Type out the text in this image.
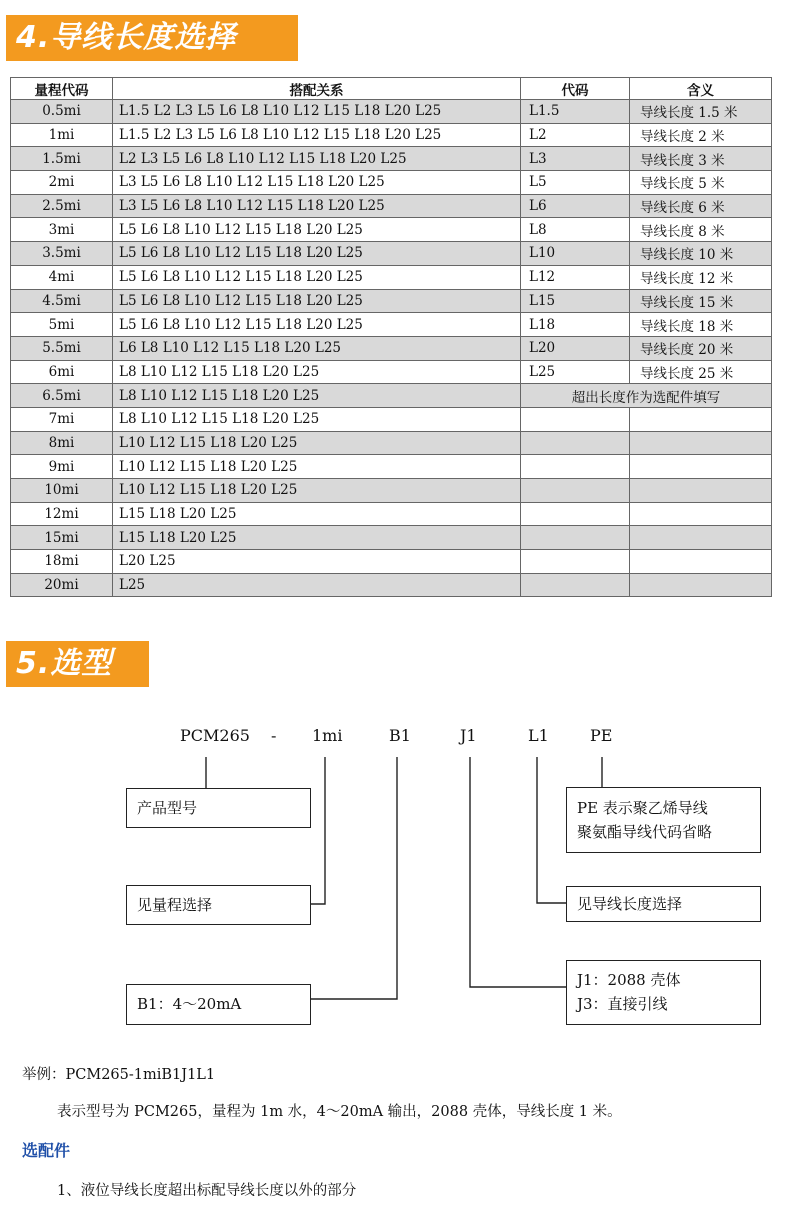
4.导线长度选择
量程代码	搭配关系	代码	含义
0.5mi	L1.5 L2 L3 L5 L6 L8 L10 L12 L15 L18 L20 L25	L1.5	导线长度 1.5 米
1mi	L1.5 L2 L3 L5 L6 L8 L10 L12 L15 L18 L20 L25	L2	导线长度 2 米
1.5mi	L2 L3 L5 L6 L8 L10 L12 L15 L18 L20 L25	L3	导线长度 3 米
2mi	L3 L5 L6 L8 L10 L12 L15 L18 L20 L25	L5	导线长度 5 米
2.5mi	L3 L5 L6 L8 L10 L12 L15 L18 L20 L25	L6	导线长度 6 米
3mi	L5 L6 L8 L10 L12 L15 L18 L20 L25	L8	导线长度 8 米
3.5mi	L5 L6 L8 L10 L12 L15 L18 L20 L25	L10	导线长度 10 米
4mi	L5 L6 L8 L10 L12 L15 L18 L20 L25	L12	导线长度 12 米
4.5mi	L5 L6 L8 L10 L12 L15 L18 L20 L25	L15	导线长度 15 米
5mi	L5 L6 L8 L10 L12 L15 L18 L20 L25	L18	导线长度 18 米
5.5mi	L6 L8 L10 L12 L15 L18 L20 L25	L20	导线长度 20 米
6mi	L8 L10 L12 L15 L18 L20 L25	L25	导线长度 25 米
6.5mi	L8 L10 L12 L15 L18 L20 L25	超出长度作为选配件填写	
7mi	L8 L10 L12 L15 L18 L20 L25		
8mi	L10 L12 L15 L18 L20 L25		
9mi	L10 L12 L15 L18 L20 L25		
10mi	L10 L12 L15 L18 L20 L25		
12mi	L15 L18 L20 L25		
15mi	L15 L18 L20 L25		
18mi	L20 L25		
20mi	L25		
5.选型
PCM265 - 1mi	B1	J1	L1	PE
产品型号
见量程选择
B1：4～20mA
PE 表示聚乙烯导线
聚氨酯导线代码省略
见导线长度选择
J1：2088 壳体
J3：直接引线
举例：PCM265-1miB1J1L1
表示型号为 PCM265，量程为 1m 水，4～20mA 输出，2088 壳体，导线长度 1 米。
选配件
1、液位导线长度超出标配导线长度以外的部分
